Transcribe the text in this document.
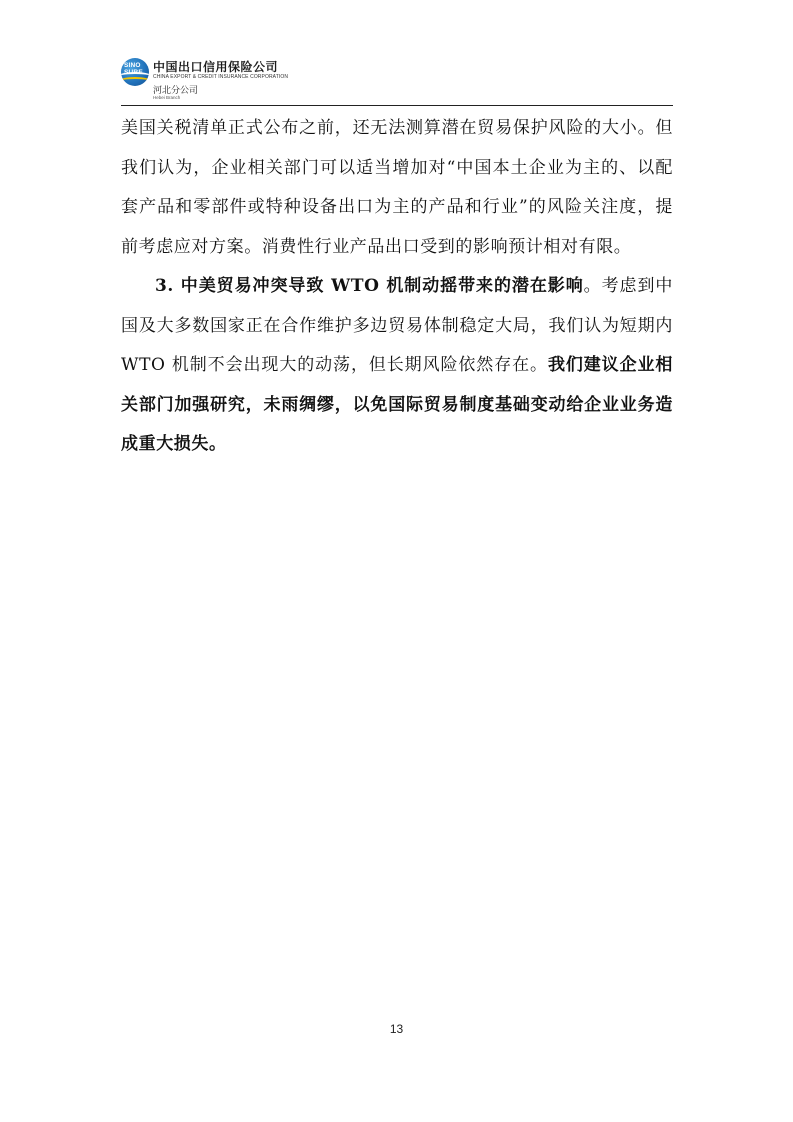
SINO SURE 中国出口信用保险公司
CHINA EXPORT & CREDIT INSURANCE CORPORATION
河北分公司
Hebei Branch

美国关税清单正式公布之前，还无法测算潜在贸易保护风险的大小。但我们认为，企业相关部门可以适当增加对“中国本土企业为主的、以配套产品和零部件或特种设备出口为主的产品和行业”的风险关注度，提前考虑应对方案。消费性行业产品出口受到的影响预计相对有限。

3. 中美贸易冲突导致 WTO 机制动摇带来的潜在影响。考虑到中国及大多数国家正在合作维护多边贸易体制稳定大局，我们认为短期内 WTO 机制不会出现大的动荡，但长期风险依然存在。我们建议企业相关部门加强研究，未雨绸缪，以免国际贸易制度基础变动给企业业务造成重大损失。

13
